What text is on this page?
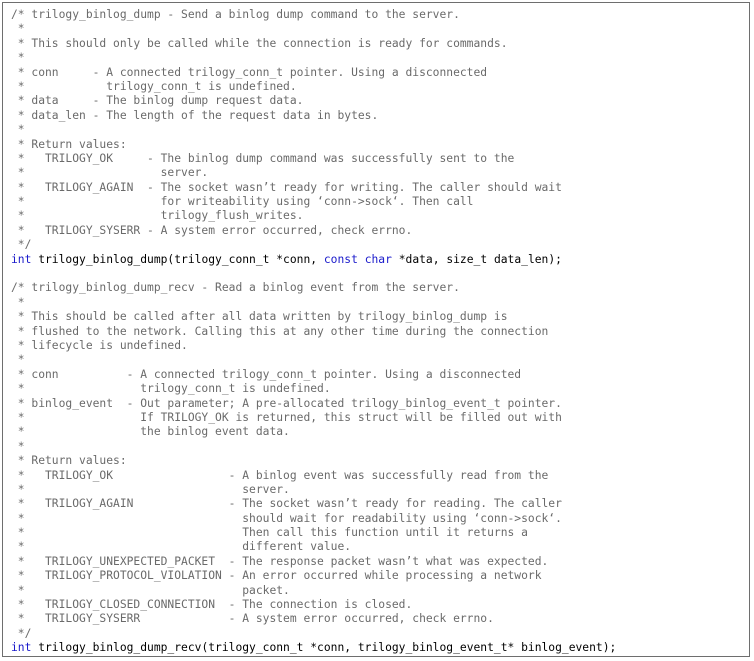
/* trilogy_binlog_dump - Send a binlog dump command to the server.
*
* This should only be called while the connection is ready for commands.
*
* conn     - A connected trilogy_conn_t pointer. Using a disconnected
*            trilogy_conn_t is undefined.
* data     - The binlog dump request data.
* data_len - The length of the request data in bytes.
*
* Return values:
*   TRILOGY_OK     - The binlog dump command was successfully sent to the
*                    server.
*   TRILOGY_AGAIN  - The socket wasn’t ready for writing. The caller should wait
*                    for writeability using ‘conn->sock‘. Then call
*                    trilogy_flush_writes.
*   TRILOGY_SYSERR - A system error occurred, check errno.
*/
int trilogy_binlog_dump(trilogy_conn_t *conn, const char *data, size_t data_len);
/* trilogy_binlog_dump_recv - Read a binlog event from the server.
*
* This should be called after all data written by trilogy_binlog_dump is
* flushed to the network. Calling this at any other time during the connection
* lifecycle is undefined.
*
* conn          - A connected trilogy_conn_t pointer. Using a disconnected
*                 trilogy_conn_t is undefined.
* binlog_event  - Out parameter; A pre-allocated trilogy_binlog_event_t pointer.
*                 If TRILOGY_OK is returned, this struct will be filled out with
*                 the binlog event data.
*
* Return values:
*   TRILOGY_OK                 - A binlog event was successfully read from the
*                                server.
*   TRILOGY_AGAIN              - The socket wasn’t ready for reading. The caller
*                                should wait for readability using ‘conn->sock‘.
*                                Then call this function until it returns a
*                                different value.
*   TRILOGY_UNEXPECTED_PACKET  - The response packet wasn’t what was expected.
*   TRILOGY_PROTOCOL_VIOLATION - An error occurred while processing a network
*                                packet.
*   TRILOGY_CLOSED_CONNECTION  - The connection is closed.
*   TRILOGY_SYSERR             - A system error occurred, check errno.
*/
int trilogy_binlog_dump_recv(trilogy_conn_t *conn, trilogy_binlog_event_t* binlog_event);
